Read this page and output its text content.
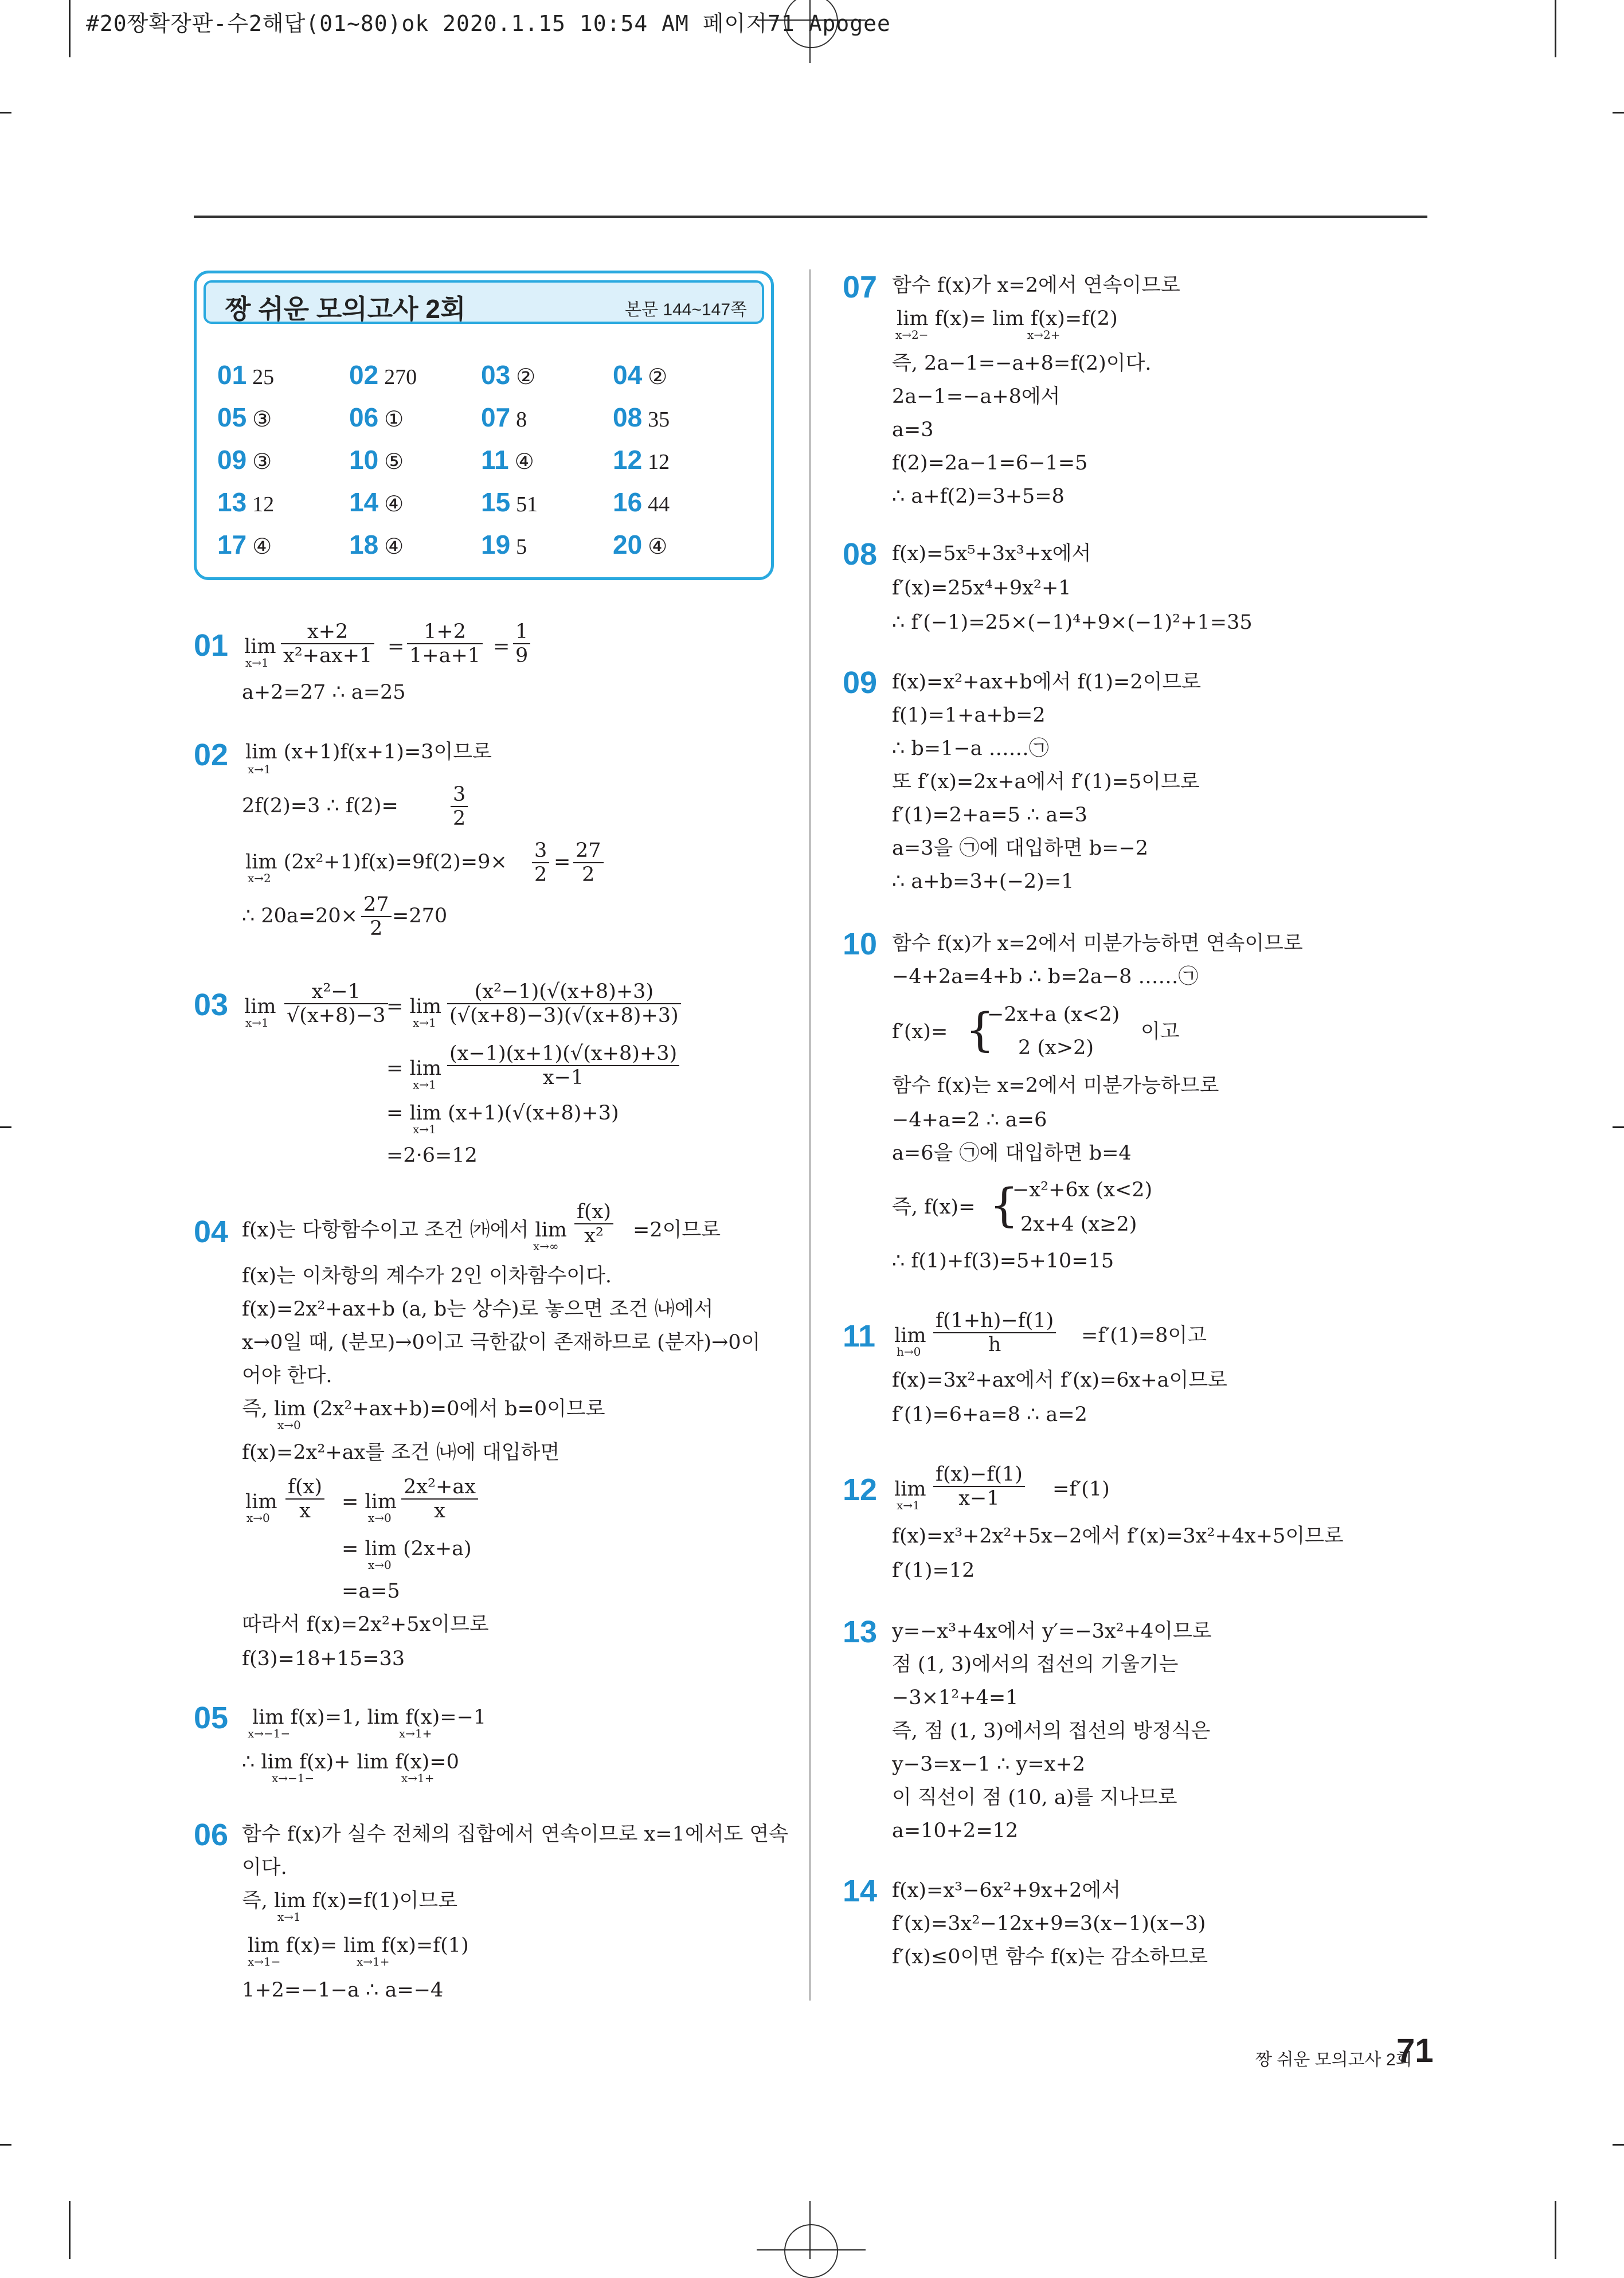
#20짱확장판-수2해답(01~80)ok 2020.1.15 10:54 AM 페이지71 Apogee
짱 쉬운 모의고사 2회	본문 144~147쪽
01 25	02 270 03 ②	04 ②
05 ③	06 ①	07 8	08 35
09 ③	10 ⑤	11 ④	12 12
13 12	14 ④	15 51	16 44
17 ④	18 ④	19 5	20 ④
01 lim
$x\to 1 \frac{x+2}{\text{x²+ax+1}} = \frac{1+2}{1+a+1} = \frac{1}{9}$
a+2=27 ∴ a=25
02 lim (x+1)f(x+1)=3이므로
x→1
2f(2)=3 ∴ f(2)=	$\frac{3}{2}$
lim (2x²+1)f(x)=9f(2)=9×
x→2	$\frac{3}{2} = \frac{27}{2}$
∴ $20a=20\times \frac{27}{2} =270$
03 lim
$x\to 1 \frac{\text{x²−1}}{√(x+8)-3}$
= lim
$x\to 1 \frac{\text{(x²−1)(√(x+8)+3)}}{(√(x+8)-3)(√(x+8)+3)}$
= lim
$x\to 1 \frac{(x-1)(x+1)(√(x+8)+3)}{x-1}$
= lim (x+1)(√(x+8)+3)
x→1
=2·6=12
04 f(x)는 다항함수이고 조건 ㈎에서 lim
$x\to\infty \frac{f(x)}{\text{x²}} =2$이므로
f(x)는 이차항의 계수가 2인 이차함수이다.
f(x)=2x²+ax+b (a, b는 상수)로 놓으면 조건 ㈏에서
x→0일 때, (분모)→0이고 극한값이 존재하므로 (분자)→0이
어야 한다.
즉, lim (2x²+ax+b)=0에서 b=0이므로
x→0
f(x)=2x²+ax를 조건 ㈏에 대입하면
lim
$x\to 0 \frac{f(x)}{x} = \lim$
$x\to 0 \frac{\text{2x²+ax}}{x}$
= lim (2x+a)
x→0
=a=5
따라서 f(x)=2x²+5x이므로
f(3)=18+15=33
05 lim f(x)=1, lim f(x)=−1
x→−1−	x→1+
∴ lim f(x)+ lim f(x)=0
x→−1−	x→1+
06 함수 f(x)가 실수 전체의 집합에서 연속이므로 x=1에서도 연속
이다.
즉, lim f(x)=f(1)이므로
x→1
lim f(x)= lim f(x)=f(1)
x→1−	x→1+
1+2=−1−a ∴ a=−4
07 함수 f(x)가 x=2에서 연속이므로
lim f(x)= lim f(x)=f(2)
x→2−	x→2+
즉, 2a−1=−a+8=f(2)이다.
2a−1=−a+8에서
a=3
f(2)=2a−1=6−1=5
∴ a+f(2)=3+5=8
08 f(x)=5x⁵+3x³+x에서
f′(x)=25x⁴+9x²+1
∴ f′(−1)=25×(−1)⁴+9×(−1)²+1=35
09 f(x)=x²+ax+b에서 f(1)=2이므로
f(1)=1+a+b=2
∴ b=1−a ……㉠
또 f′(x)=2x+a에서 f′(1)=5이므로
f′(1)=2+a=5 ∴ a=3
a=3을 ㉠에 대입하면 b=−2
∴ a+b=3+(−2)=1
10 함수 f(x)가 x=2에서 미분가능하면 연속이므로
−4+2a=4+b ∴ b=2a−8 ……㉠
f′(x)= {
−2x+a (x<2)
2 (x>2)
이고
함수 f(x)는 x=2에서 미분가능하므로
−4+a=2 ∴ a=6
a=6을 ㉠에 대입하면 b=4
즉, f(x)= {
−x²+6x (x<2)
2x+4 (x≥2)
∴ f(1)+f(3)=5+10=15
11 lim
$h\to 0 \frac{f(1+h)-f(1)}{h} =f'(1)=8$이고
f(x)=3x²+ax에서 f′(x)=6x+a이므로
f′(1)=6+a=8 ∴ a=2
12 lim
$x\to 1 \frac{f(x)-f(1)}{x-1} =f'(1)$
f(x)=x³+2x²+5x−2에서 f′(x)=3x²+4x+5이므로
f′(1)=12
13 y=−x³+4x에서 y′=−3x²+4이므로
점 (1, 3)에서의 접선의 기울기는
−3×1²+4=1
즉, 점 (1, 3)에서의 접선의 방정식은
y−3=x−1 ∴ y=x+2
이 직선이 점 (10, a)를 지나므로
a=10+2=12
14 f(x)=x³−6x²+9x+2에서
f′(x)=3x²−12x+9=3(x−1)(x−3)
f′(x)≤0이면 함수 f(x)는 감소하므로
짱 쉬운 모의고사 2회
71
